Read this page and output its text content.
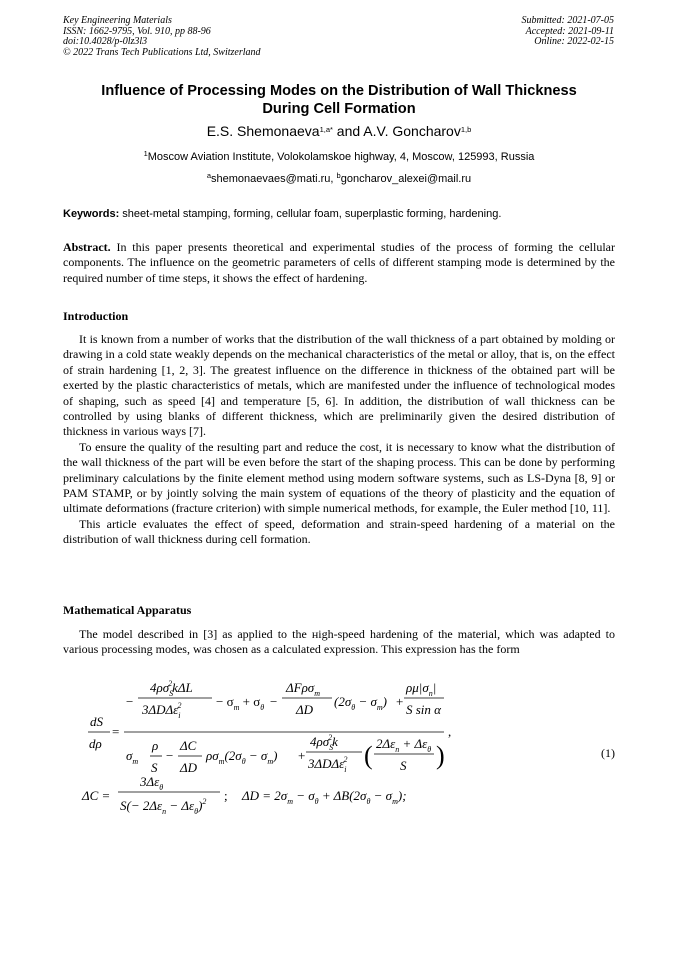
Key Engineering Materials
ISSN: 1662-9795, Vol. 910, pp 88-96
doi:10.4028/p-0lz3l3
© 2022 Trans Tech Publications Ltd, Switzerland
Submitted: 2021-07-05
Accepted: 2021-09-11
Online: 2022-02-15
Influence of Processing Modes on the Distribution of Wall Thickness
During Cell Formation
E.S. Shemonaeva$^{1,a*}$ and A.V. Goncharov$^{1,b}$
$^1$Moscow Aviation Institute, Volokolamskoe highway, 4, Moscow, 125993, Russia
$^a$shemonaevaes@mati.ru, $^b$goncharov_alexei@mail.ru
Keywords: sheet-metal stamping, forming, cellular foam, superplastic forming, hardening.
Abstract. In this paper presents theoretical and experimental studies of the process of forming the cellular components. The influence on the geometric parameters of cells of different stamping mode is determined by the required number of time steps, it shows the effect of hardening.
Introduction

It is known from a number of works that the distribution of the wall thickness of a part obtained by molding or drawing in a cold state weakly depends on the mechanical characteristics of the metal or alloy, that is, on the effect of strain hardening [1, 2, 3]. The greatest influence on the difference in thickness of the obtained part will be exerted by the plastic characteristics of metals, which are manifested under the influence of technological modes of shaping, such as speed [4] and temperature [5, 6]. In addition, the distribution of wall thickness can be controlled by using blanks of different thickness, which are preliminarily given the desired distribution of thickness in various ways [7].

To ensure the quality of the resulting part and reduce the cost, it is necessary to know what the distribution of the wall thickness of the part will be even before the start of the shaping process. This can be done by performing preliminary calculations by the finite element method using modern software systems, such as LS-Dyna [8, 9] or PAM STAMP, or by jointly solving the main system of equations of the theory of plasticity and the equation of ultimate deformations (fracture criterion) with simple numerical methods, for example, the Euler method [10, 11].

This article evaluates the effect of speed, deformation and strain-speed hardening of a material on the distribution of wall thickness during cell formation.

Mathematical Apparatus

The model described in [3] as applied to the нigh-speed hardening of the material, which was adapted to various processing modes, was chosen as a calculated expression. This expression has the form

dS
dρ
=
−
4ρσS2kΔL
3ΔDΔεi2	− σm + σθ −
ΔFρσm
ΔD
(2σθ − σm) +
ρμ|σn|
S sin α
,
σm
ρ
S
−
ΔC
ΔD
ρσm(2σθ − σm) +
4ρσS2k
3ΔDΔεi2 ( 2Δεn + Δεθ
S )
ΔC =
3Δεθ
S(− 2Δεn − Δεθ)2 ; ΔD = 2σm − σθ + ΔB(2σθ − σm);
(1)
